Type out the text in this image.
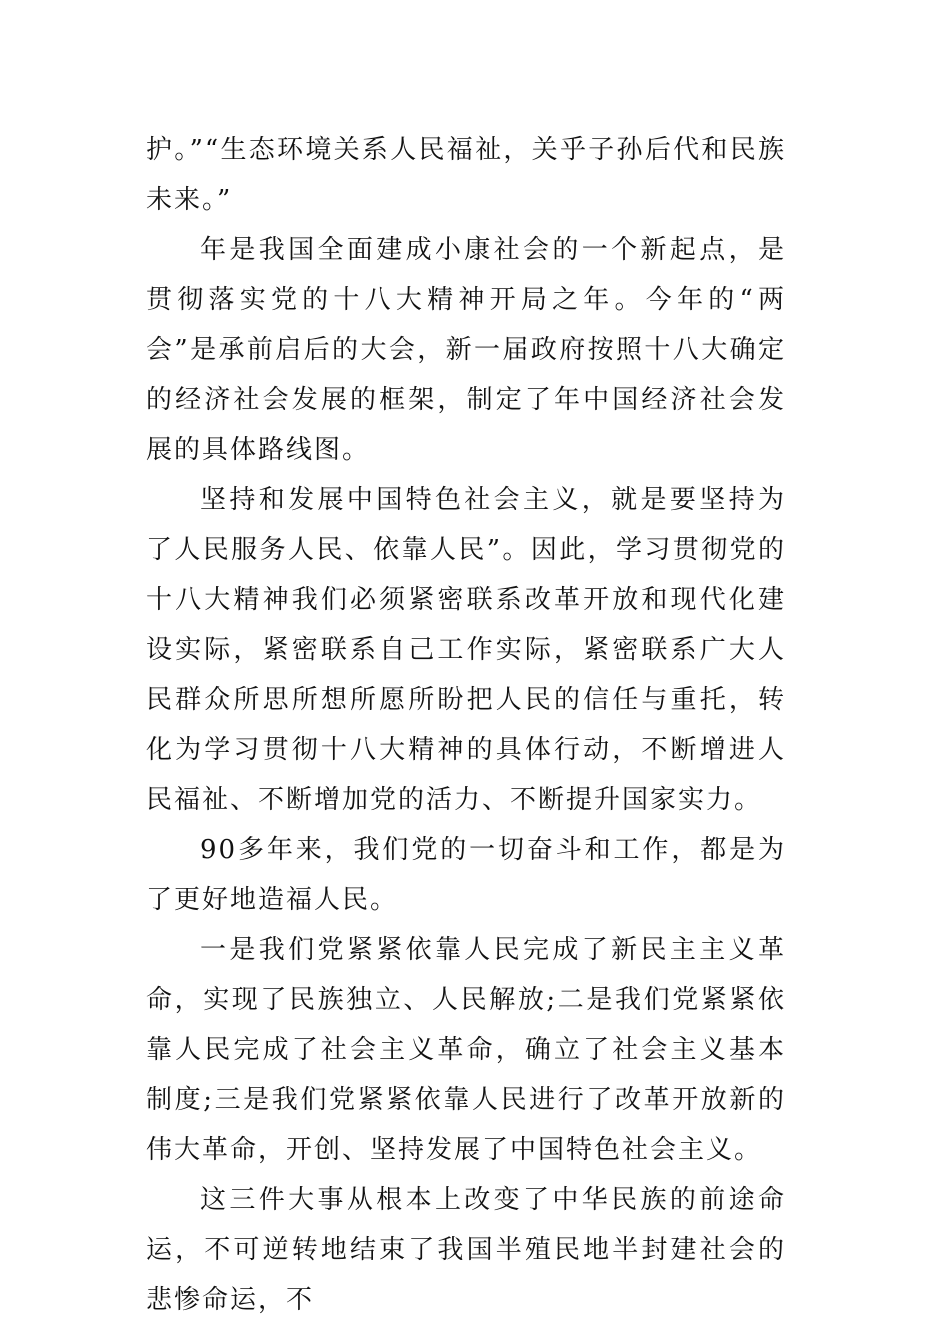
护。”“生态环境关系人民福祉，关乎子孙后代和民族未来。”

年是我国全面建成小康社会的一个新起点，是贯彻落实党的十八大精神开局之年。今年的“两会”是承前启后的大会，新一届政府按照十八大确定的经济社会发展的框架，制定了年中国经济社会发展的具体路线图。

坚持和发展中国特色社会主义，就是要坚持为了人民服务人民、依靠人民”。因此，学习贯彻党的十八大精神我们必须紧密联系改革开放和现代化建设实际，紧密联系自己工作实际，紧密联系广大人民群众所思所想所愿所盼把人民的信任与重托，转化为学习贯彻十八大精神的具体行动，不断增进人民福祉、不断增加党的活力、不断提升国家实力。

90多年来，我们党的一切奋斗和工作，都是为了更好地造福人民。

一是我们党紧紧依靠人民完成了新民主主义革命，实现了民族独立、人民解放;二是我们党紧紧依靠人民完成了社会主义革命，确立了社会主义基本制度;三是我们党紧紧依靠人民进行了改革开放新的伟大革命，开创、坚持发展了中国特色社会主义。

这三件大事从根本上改变了中华民族的前途命运，不可逆转地结束了我国半殖民地半封建社会的悲惨命运，不
